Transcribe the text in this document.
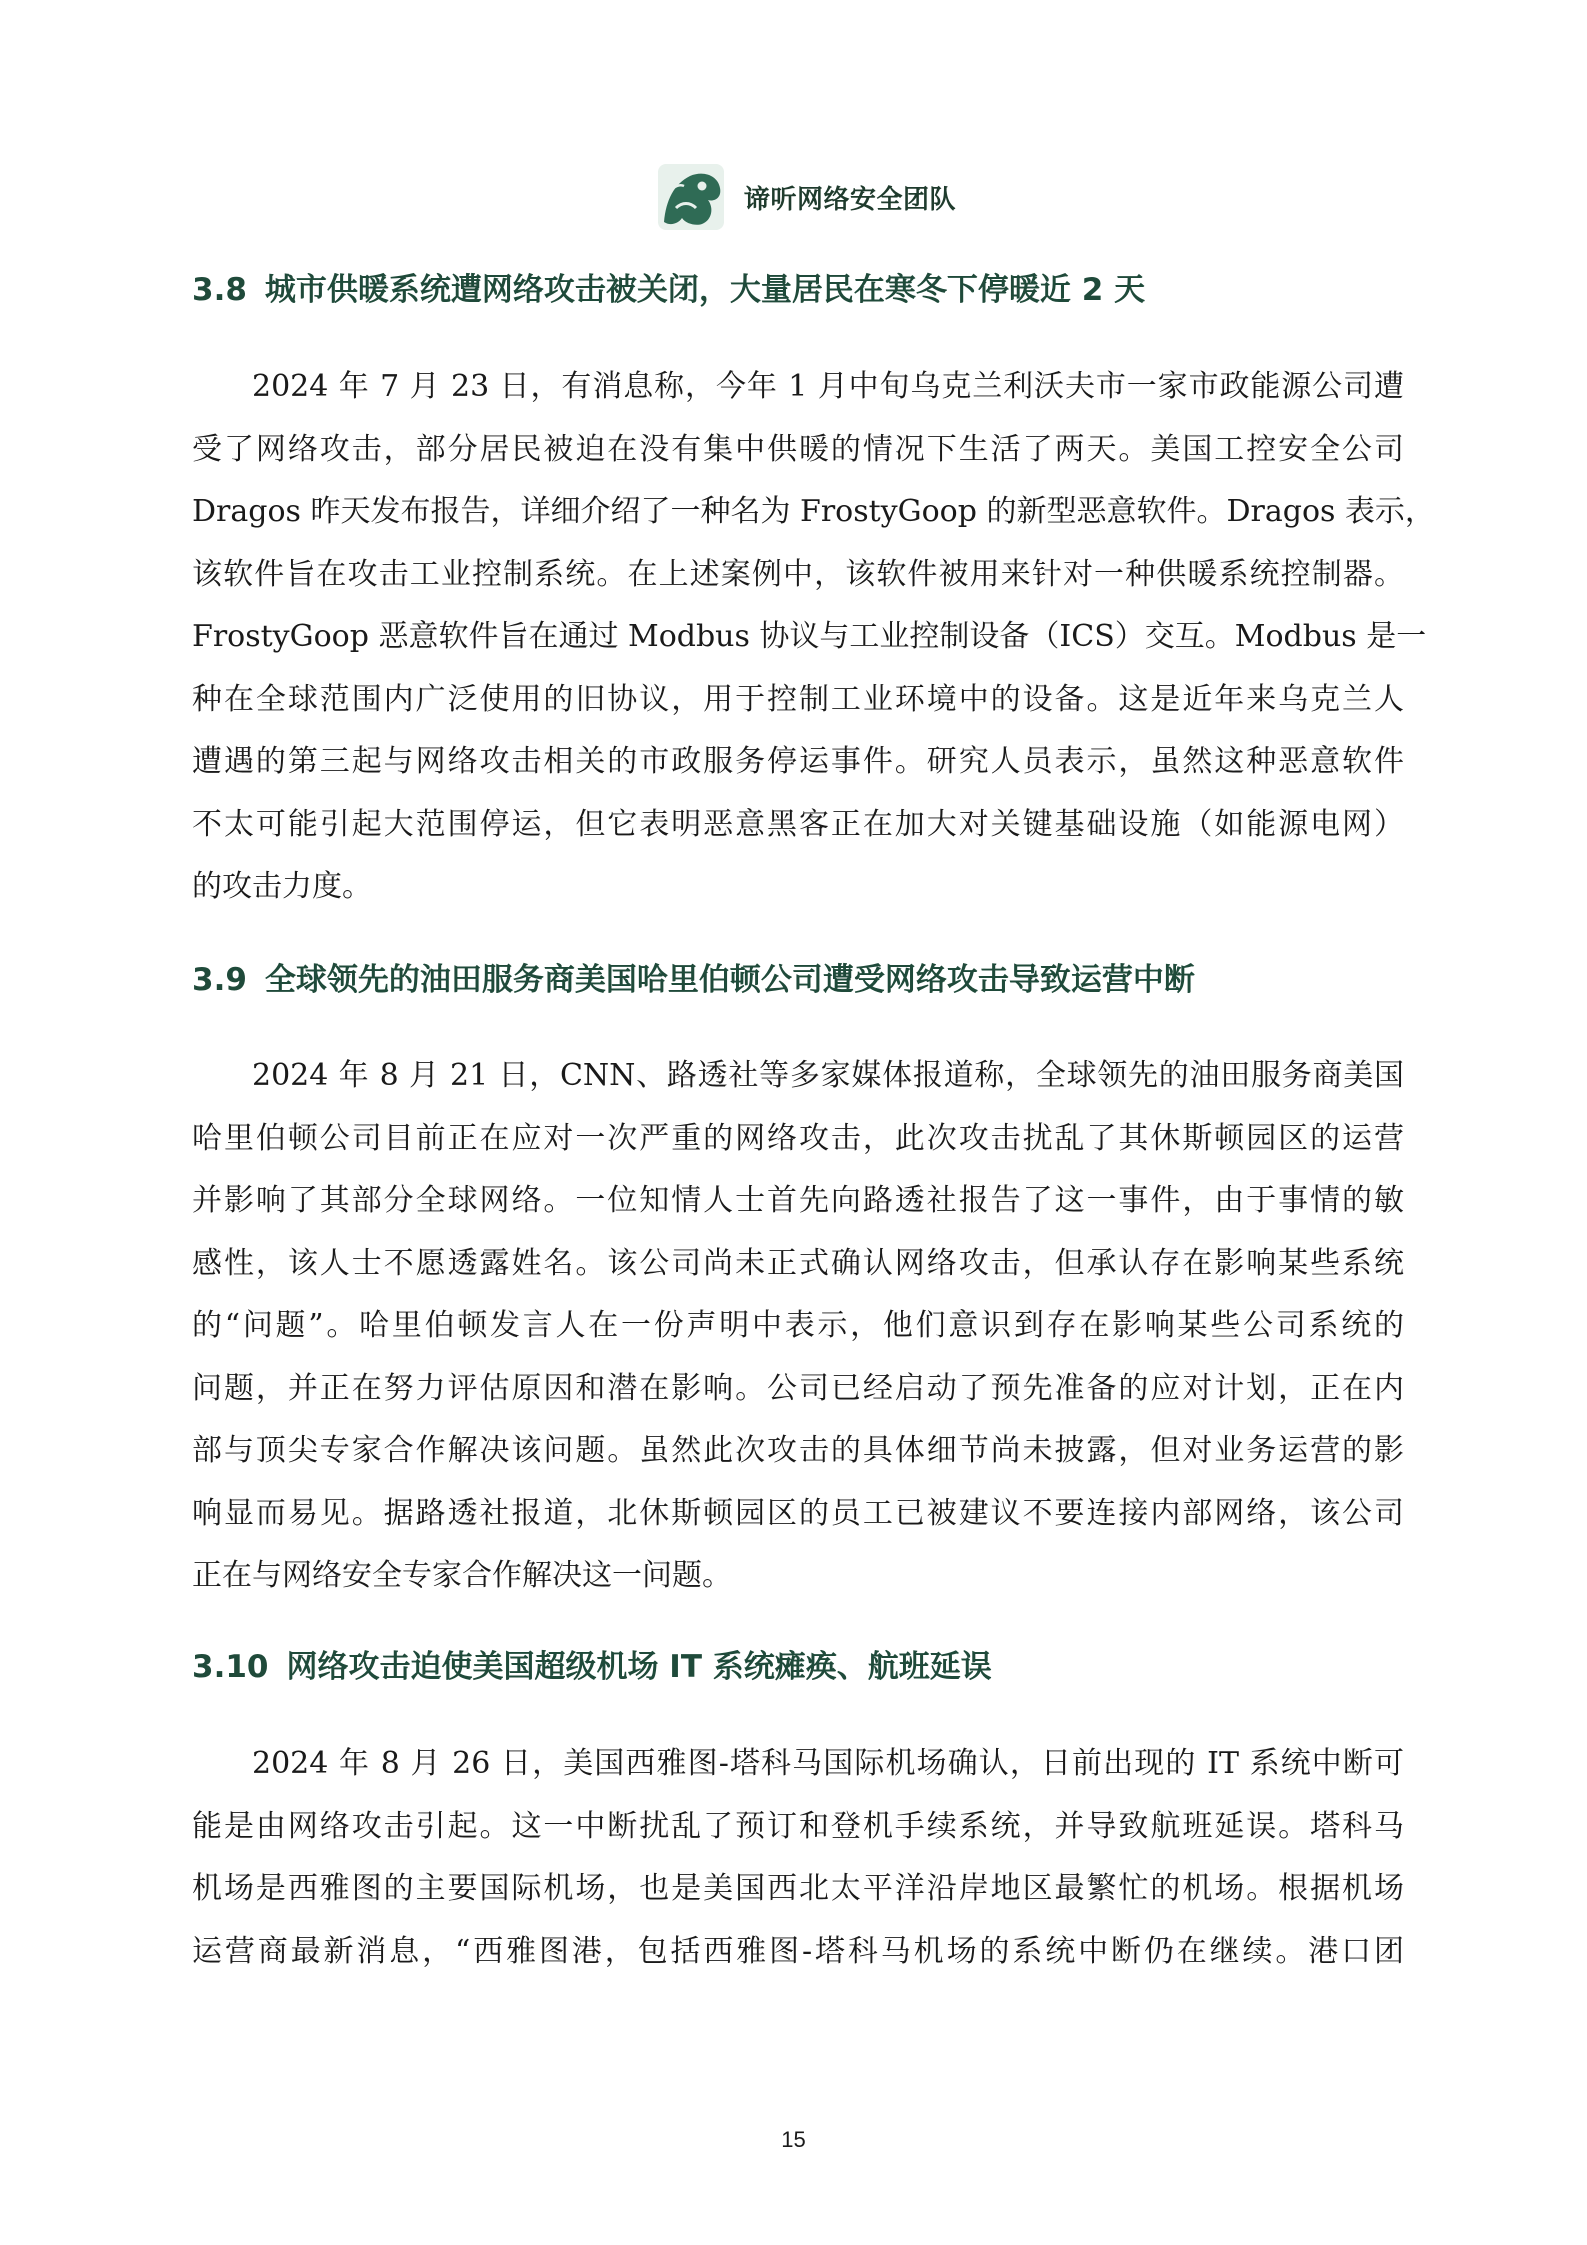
谛听网络安全团队
3.8 城市供暖系统遭网络攻击被关闭，大量居民在寒冬下停暖近 2 天
2024 年 7 月 23 日，有消息称，今年 1 月中旬乌克兰利沃夫市一家市政能源公司遭
受了网络攻击，部分居民被迫在没有集中供暖的情况下生活了两天。美国工控安全公司
Dragos 昨天发布报告，详细介绍了一种名为 FrostyGoop 的新型恶意软件。Dragos 表示，
该软件旨在攻击工业控制系统。在上述案例中，该软件被用来针对一种供暖系统控制器。
FrostyGoop 恶意软件旨在通过 Modbus 协议与工业控制设备（ICS）交互。Modbus 是一
种在全球范围内广泛使用的旧协议，用于控制工业环境中的设备。这是近年来乌克兰人
遭遇的第三起与网络攻击相关的市政服务停运事件。研究人员表示，虽然这种恶意软件
不太可能引起大范围停运，但它表明恶意黑客正在加大对关键基础设施（如能源电网）
的攻击力度。
3.9 全球领先的油田服务商美国哈里伯顿公司遭受网络攻击导致运营中断
2024 年 8 月 21 日，CNN、路透社等多家媒体报道称，全球领先的油田服务商美国
哈里伯顿公司目前正在应对一次严重的网络攻击，此次攻击扰乱了其休斯顿园区的运营
并影响了其部分全球网络。一位知情人士首先向路透社报告了这一事件，由于事情的敏
感性，该人士不愿透露姓名。该公司尚未正式确认网络攻击，但承认存在影响某些系统
的“问题”。哈里伯顿发言人在一份声明中表示，他们意识到存在影响某些公司系统的
问题，并正在努力评估原因和潜在影响。公司已经启动了预先准备的应对计划，正在内
部与顶尖专家合作解决该问题。虽然此次攻击的具体细节尚未披露，但对业务运营的影
响显而易见。据路透社报道，北休斯顿园区的员工已被建议不要连接内部网络，该公司
正在与网络安全专家合作解决这一问题。
3.10 网络攻击迫使美国超级机场 IT 系统瘫痪、航班延误
2024 年 8 月 26 日，美国西雅图-塔科马国际机场确认，日前出现的 IT 系统中断可
能是由网络攻击引起。这一中断扰乱了预订和登机手续系统，并导致航班延误。塔科马
机场是西雅图的主要国际机场，也是美国西北太平洋沿岸地区最繁忙的机场。根据机场
运营商最新消息，“西雅图港，包括西雅图-塔科马机场的系统中断仍在继续。港口团
15
